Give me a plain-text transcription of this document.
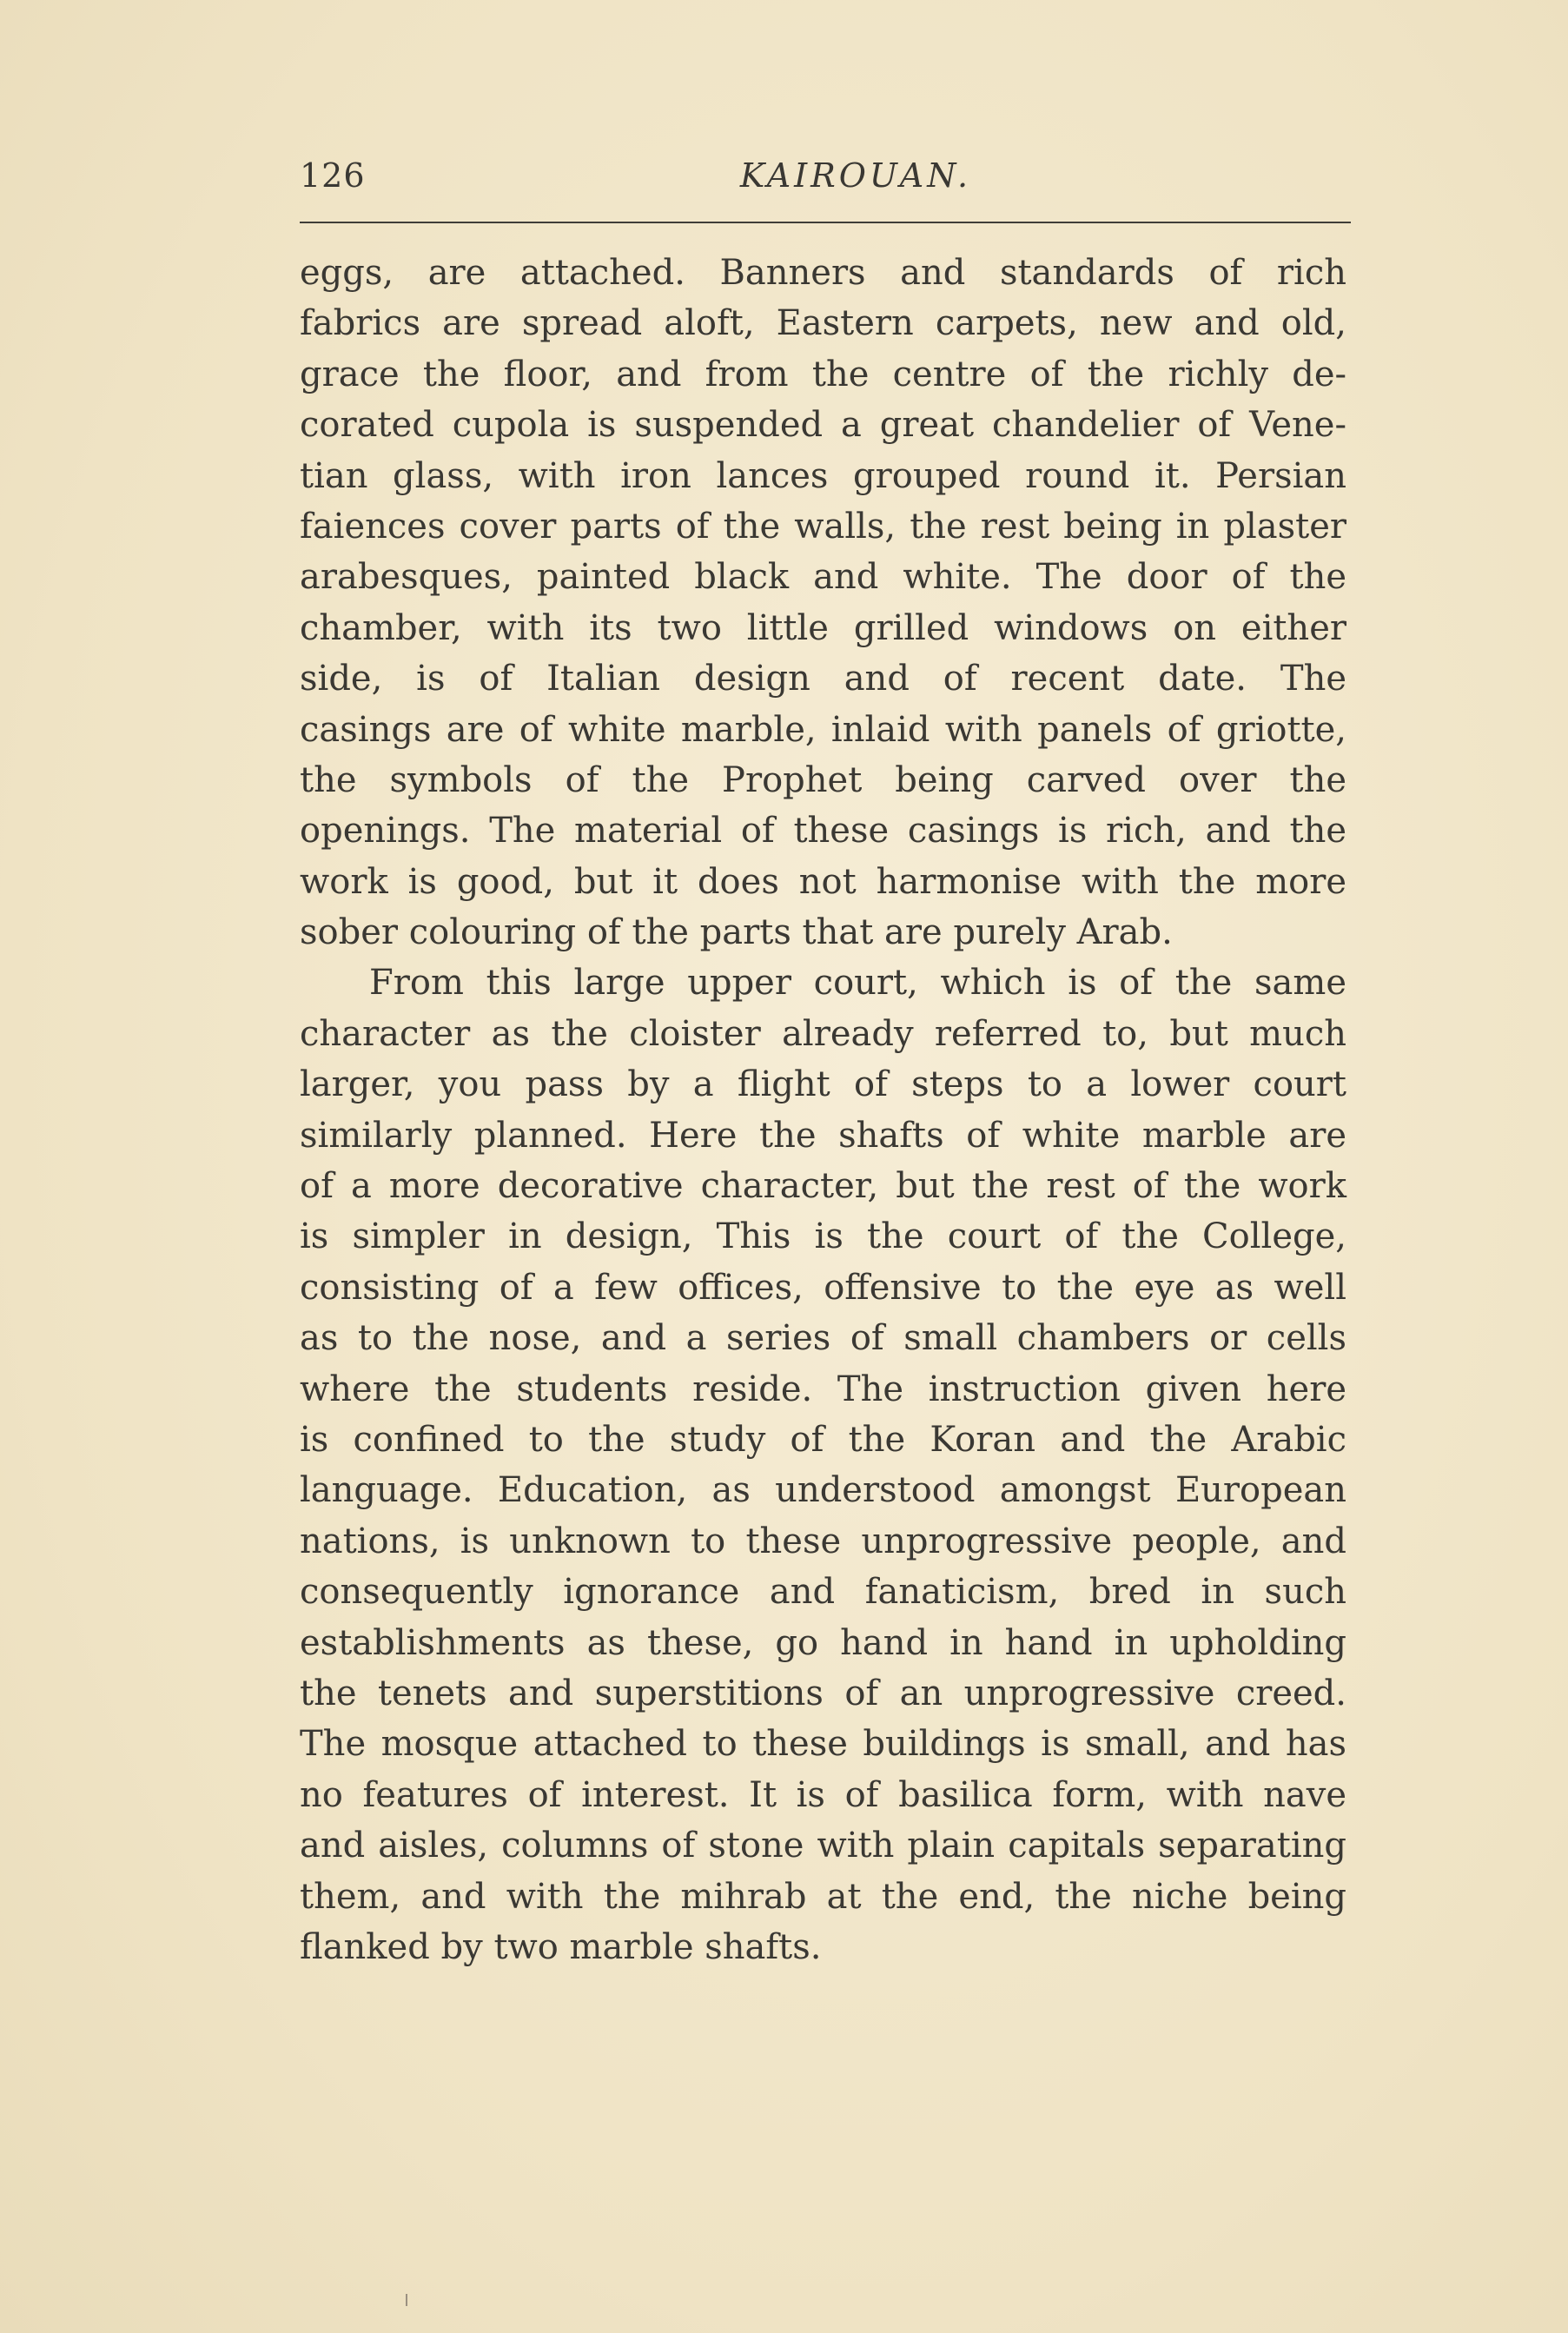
126	KAIROUAN.
eggs, are attached. Banners and standards of rich
fabrics are spread aloft, Eastern carpets, new and old,
grace the floor, and from the centre of the richly de-
corated cupola is suspended a great chandelier of Vene-
tian glass, with iron lances grouped round it. Persian
faiences cover parts of the walls, the rest being in plaster
arabesques, painted black and white. The door of the
chamber, with its two little grilled windows on either
side, is of Italian design and of recent date. The
casings are of white marble, inlaid with panels of griotte,
the symbols of the Prophet being carved over the
openings. The material of these casings is rich, and the
work is good, but it does not harmonise with the more
sober colouring of the parts that are purely Arab.
From this large upper court, which is of the same
character as the cloister already referred to, but much
larger, you pass by a flight of steps to a lower court
similarly planned. Here the shafts of white marble are
of a more decorative character, but the rest of the work
is simpler in design, This is the court of the College,
consisting of a few offices, offensive to the eye as well
as to the nose, and a series of small chambers or cells
where the students reside. The instruction given here
is confined to the study of the Koran and the Arabic
language. Education, as understood amongst European
nations, is unknown to these unprogressive people, and
consequently ignorance and fanaticism, bred in such
establishments as these, go hand in hand in upholding
the tenets and superstitions of an unprogressive creed.
The mosque attached to these buildings is small, and has
no features of interest. It is of basilica form, with nave
and aisles, columns of stone with plain capitals separating
them, and with the mihrab at the end, the niche being
flanked by two marble shafts.
